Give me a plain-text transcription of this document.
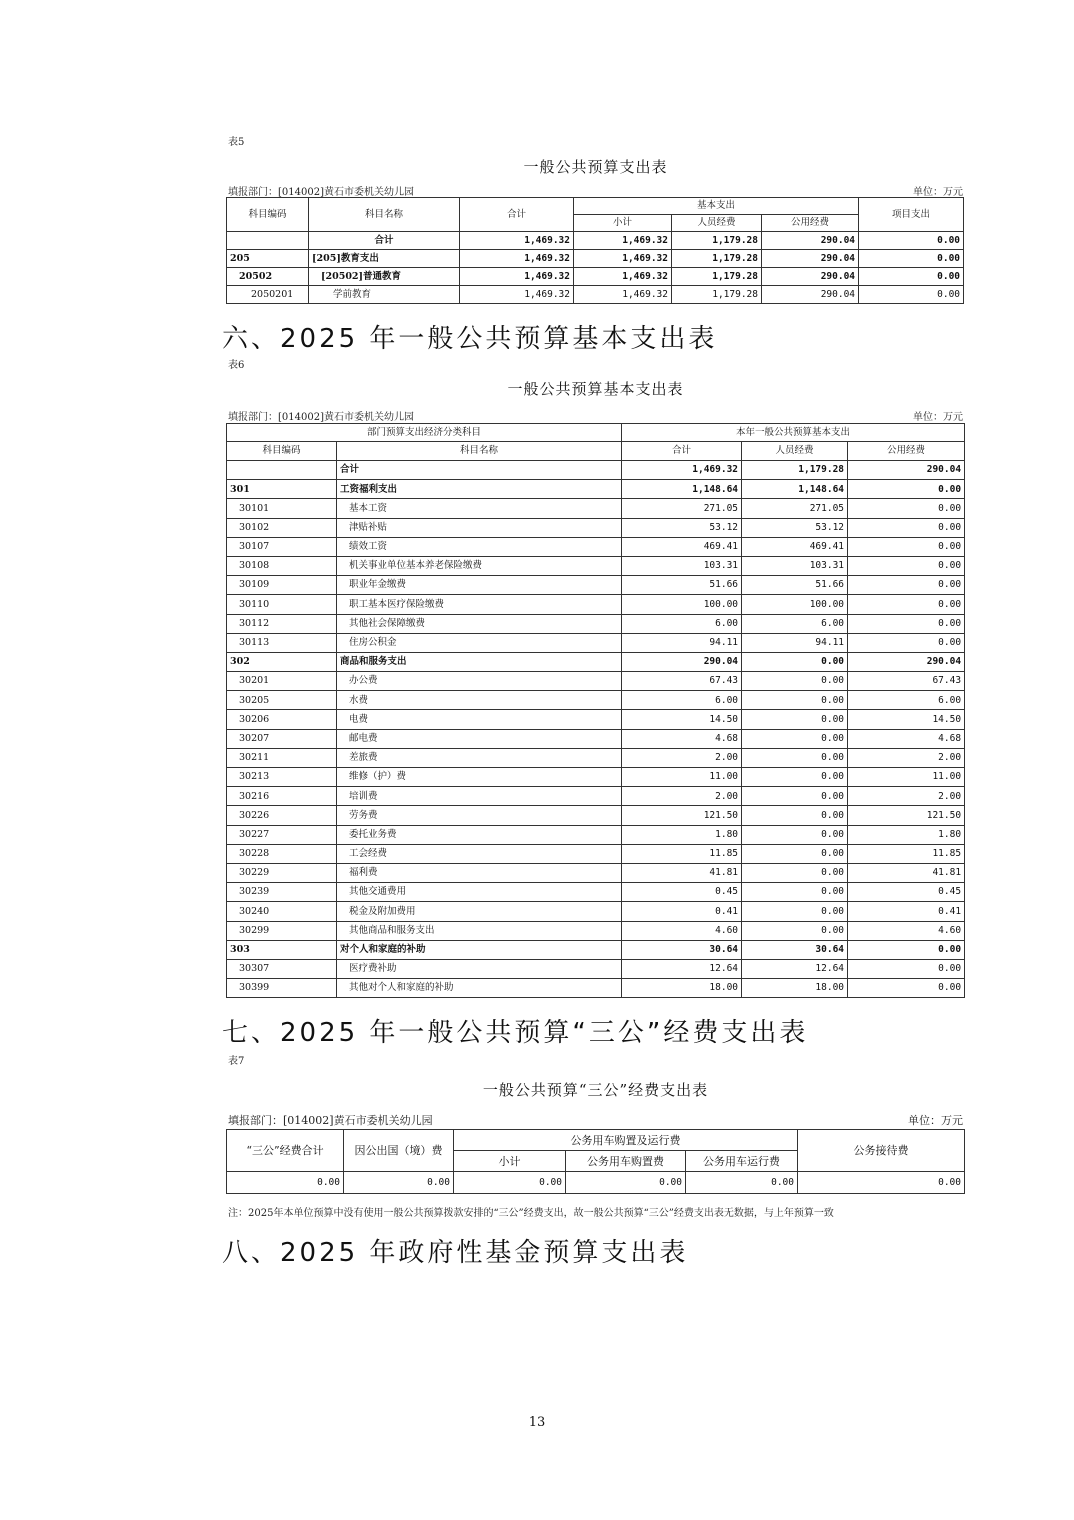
表5
一般公共预算支出表
填报部门：[014002]黄石市委机关幼儿园	单位：万元
科目编码	科目名称	合计	基本支出			项目支出
			小计	人员经费	公用经费	
	合计	1,469.32	1,469.32	1,179.28	290.04	0.00
205	[205]教育支出	1,469.32	1,469.32	1,179.28	290.04	0.00
20502	[20502]普通教育	1,469.32	1,469.32	1,179.28	290.04	0.00
2050201	学前教育	1,469.32	1,469.32	1,179.28	290.04	0.00
六、2025 年一般公共预算基本支出表
表6
一般公共预算基本支出表
填报部门：[014002]黄石市委机关幼儿园	单位：万元
部门预算支出经济分类科目		本年一般公共预算基本支出		
科目编码	科目名称	合计	人员经费	公用经费
	合计	1,469.32	1,179.28	290.04
301	工资福利支出	1,148.64	1,148.64	0.00
30101	基本工资	271.05	271.05	0.00
30102	津贴补贴	53.12	53.12	0.00
30107	绩效工资	469.41	469.41	0.00
30108	机关事业单位基本养老保险缴费	103.31	103.31	0.00
30109	职业年金缴费	51.66	51.66	0.00
30110	职工基本医疗保险缴费	100.00	100.00	0.00
30112	其他社会保障缴费	6.00	6.00	0.00
30113	住房公积金	94.11	94.11	0.00
302	商品和服务支出	290.04	0.00	290.04
30201	办公费	67.43	0.00	67.43
30205	水费	6.00	0.00	6.00
30206	电费	14.50	0.00	14.50
30207	邮电费	4.68	0.00	4.68
30211	差旅费	2.00	0.00	2.00
30213	维修（护）费	11.00	0.00	11.00
30216	培训费	2.00	0.00	2.00
30226	劳务费	121.50	0.00	121.50
30227	委托业务费	1.80	0.00	1.80
30228	工会经费	11.85	0.00	11.85
30229	福利费	41.81	0.00	41.81
30239	其他交通费用	0.45	0.00	0.45
30240	税金及附加费用	0.41	0.00	0.41
30299	其他商品和服务支出	4.60	0.00	4.60
303	对个人和家庭的补助	30.64	30.64	0.00
30307	医疗费补助	12.64	12.64	0.00
30399	其他对个人和家庭的补助	18.00	18.00	0.00
七、2025 年一般公共预算“三公”经费支出表
表7
一般公共预算“三公”经费支出表
填报部门：[014002]黄石市委机关幼儿园	单位：万元
“三公”经费合计	因公出国（境）费	公务用车购置及运行费			公务接待费
		小计	公务用车购置费	公务用车运行费	
0.00	0.00	0.00	0.00	0.00	0.00
注：2025年本单位预算中没有使用一般公共预算拨款安排的“三公”经费支出，故一般公共预算“三公”经费支出表无数据，与上年预算一致
八、2025 年政府性基金预算支出表
13
